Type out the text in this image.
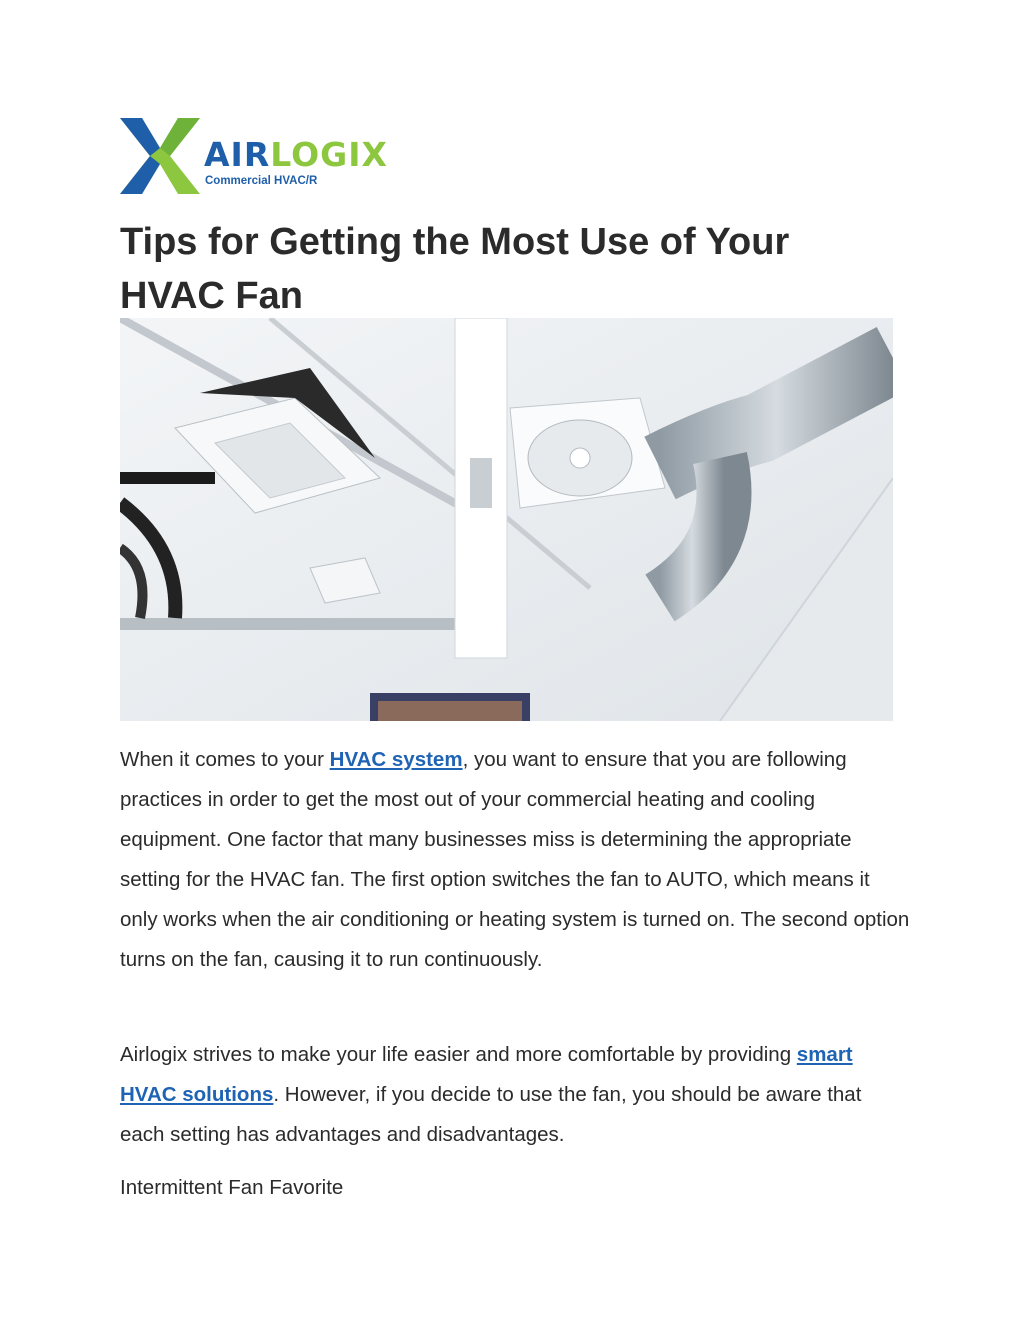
AIRLOGIX
Commercial HVAC/R
Tips for Getting the Most Use of Your HVAC Fan

When it comes to your HVAC system, you want to ensure that you are following practices in order to get the most out of your commercial heating and cooling equipment. One factor that many businesses miss is determining the appropriate setting for the HVAC fan. The first option switches the fan to AUTO, which means it only works when the air conditioning or heating system is turned on. The second option turns on the fan, causing it to run continuously.

Airlogix strives to make your life easier and more comfortable by providing smart HVAC solutions. However, if you decide to use the fan, you should be aware that each setting has advantages and disadvantages.

Intermittent Fan Favorite
